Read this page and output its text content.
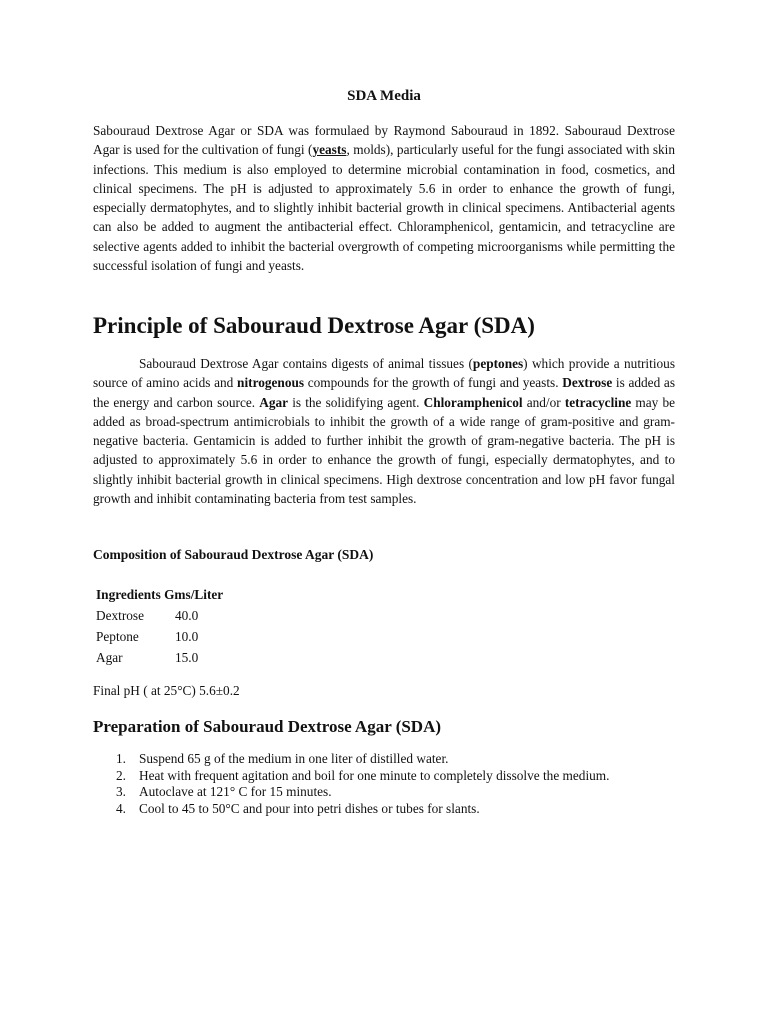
SDA Media

Sabouraud Dextrose Agar or SDA was formulaed by Raymond Sabouraud in 1892. Sabouraud Dextrose Agar is used for the cultivation of fungi (yeasts, molds), particularly useful for the fungi associated with skin infections. This medium is also employed to determine microbial contamination in food, cosmetics, and clinical specimens. The pH is adjusted to approximately 5.6 in order to enhance the growth of fungi, especially dermatophytes, and to slightly inhibit bacterial growth in clinical specimens. Antibacterial agents can also be added to augment the antibacterial effect. Chloramphenicol, gentamicin, and tetracycline are selective agents added to inhibit the bacterial overgrowth of competing microorganisms while permitting the successful isolation of fungi and yeasts.

Principle of Sabouraud Dextrose Agar (SDA)

Sabouraud Dextrose Agar contains digests of animal tissues (peptones) which provide a nutritious source of amino acids and nitrogenous compounds for the growth of fungi and yeasts. Dextrose is added as the energy and carbon source. Agar is the solidifying agent. Chloramphenicol and/or tetracycline may be added as broad-spectrum antimicrobials to inhibit the growth of a wide range of gram-positive and gram-negative bacteria. Gentamicin is added to further inhibit the growth of gram-negative bacteria. The pH is adjusted to approximately 5.6 in order to enhance the growth of fungi, especially dermatophytes, and to slightly inhibit bacterial growth in clinical specimens. High dextrose concentration and low pH favor fungal growth and inhibit contaminating bacteria from test samples.

Composition of Sabouraud Dextrose Agar (SDA)
Ingredients Gms/Liter	
Dextrose	40.0
Peptone	10.0
Agar	15.0

Final pH ( at 25°C) 5.6±0.2

Preparation of Sabouraud Dextrose Agar (SDA)
1. Suspend 65 g of the medium in one liter of distilled water.
2. Heat with frequent agitation and boil for one minute to completely dissolve the medium.
3. Autoclave at 121° C for 15 minutes.
4. Cool to 45 to 50°C and pour into petri dishes or tubes for slants.
